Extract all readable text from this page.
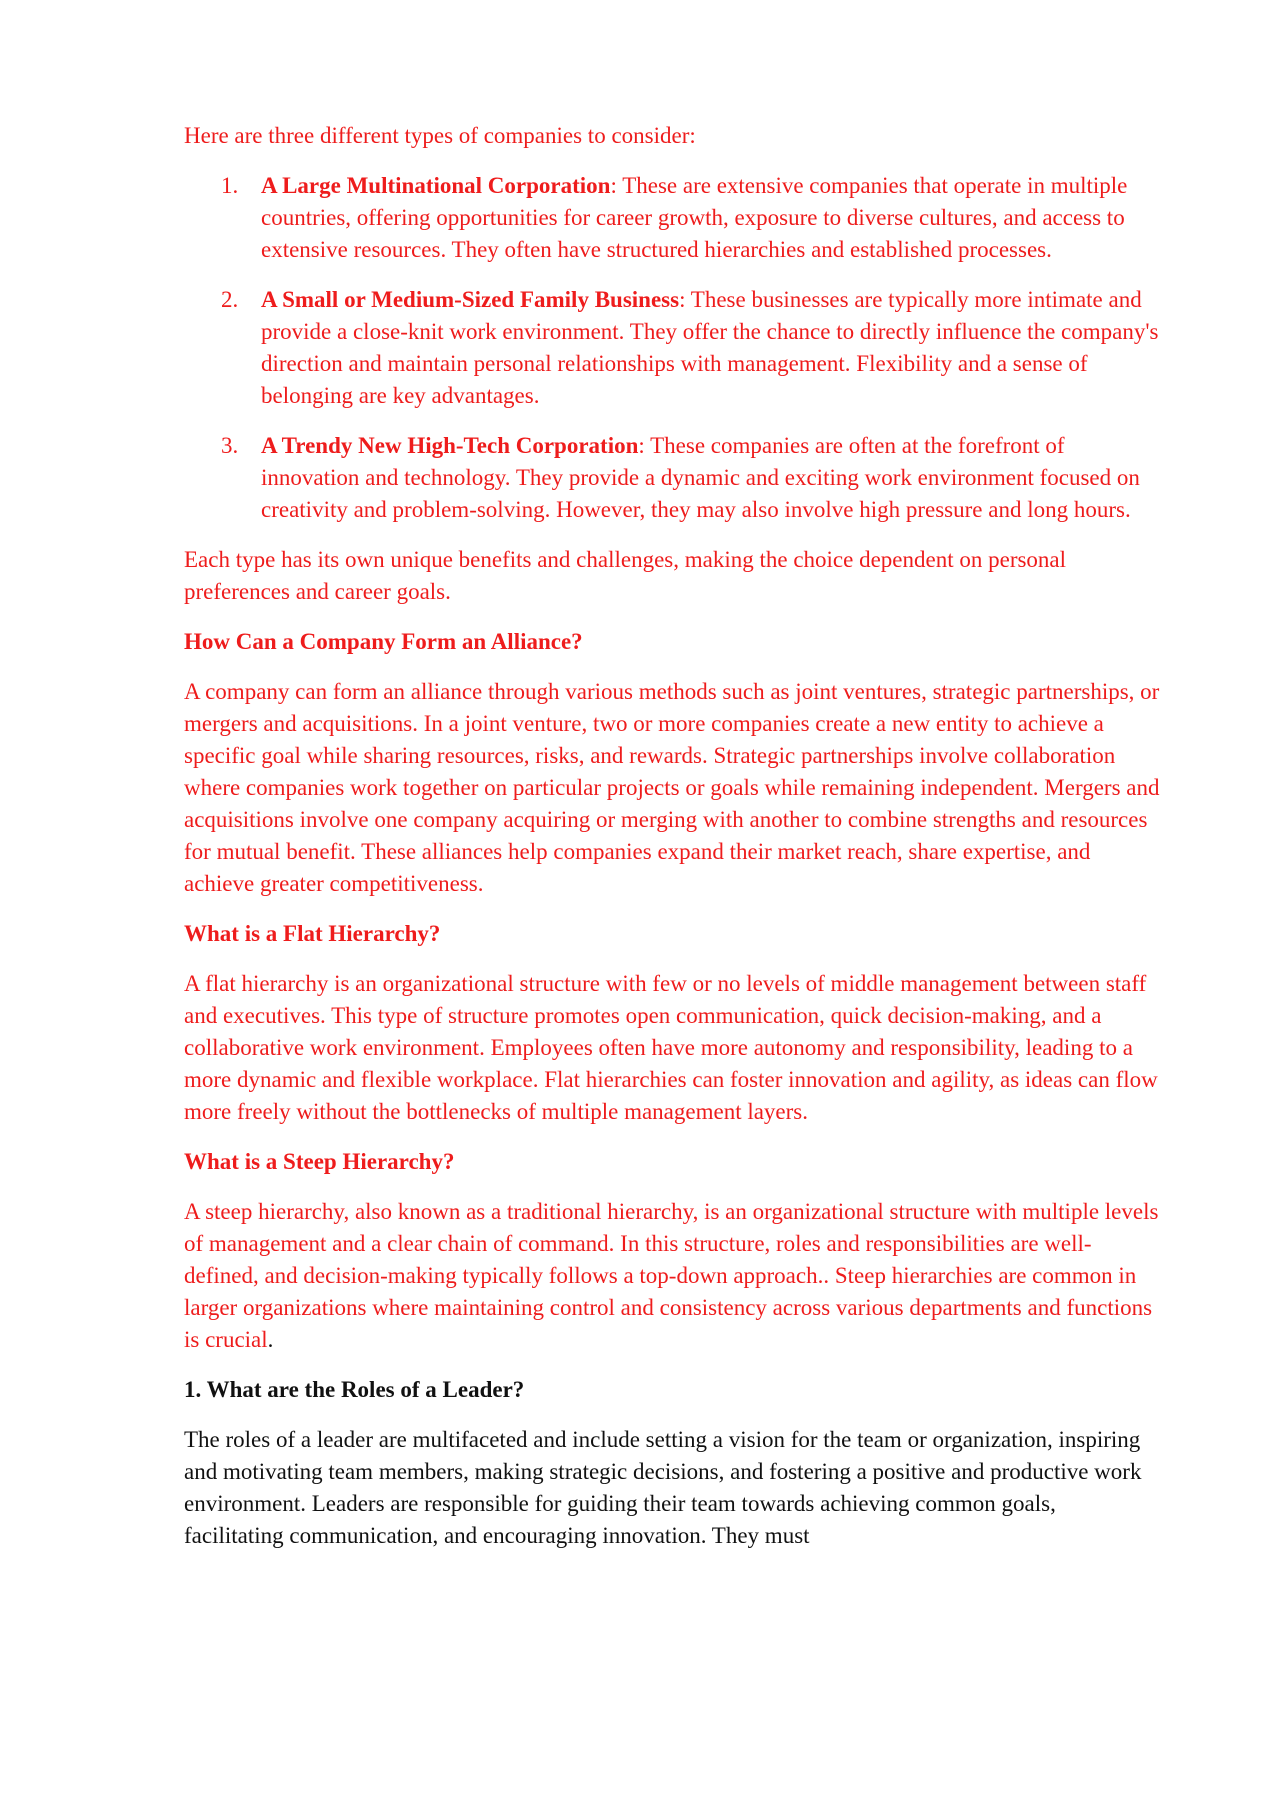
Here are three different types of companies to consider:

1. A Large Multinational Corporation: These are extensive companies that operate in multiple countries, offering opportunities for career growth, exposure to diverse cultures, and access to extensive resources. They often have structured hierarchies and established processes.
2. A Small or Medium-Sized Family Business: These businesses are typically more intimate and provide a close-knit work environment. They offer the chance to directly influence the company's direction and maintain personal relationships with management. Flexibility and a sense of belonging are key advantages.
3. A Trendy New High-Tech Corporation: These companies are often at the forefront of innovation and technology. They provide a dynamic and exciting work environment focused on creativity and problem-solving. However, they may also involve high pressure and long hours.

Each type has its own unique benefits and challenges, making the choice dependent on personal preferences and career goals.

How Can a Company Form an Alliance?

A company can form an alliance through various methods such as joint ventures, strategic partnerships, or mergers and acquisitions. In a joint venture, two or more companies create a new entity to achieve a specific goal while sharing resources, risks, and rewards. Strategic partnerships involve collaboration where companies work together on particular projects or goals while remaining independent. Mergers and acquisitions involve one company acquiring or merging with another to combine strengths and resources for mutual benefit. These alliances help companies expand their market reach, share expertise, and achieve greater competitiveness.

What is a Flat Hierarchy?

A flat hierarchy is an organizational structure with few or no levels of middle management between staff and executives. This type of structure promotes open communication, quick decision-making, and a collaborative work environment. Employees often have more autonomy and responsibility, leading to a more dynamic and flexible workplace. Flat hierarchies can foster innovation and agility, as ideas can flow more freely without the bottlenecks of multiple management layers.

What is a Steep Hierarchy?

A steep hierarchy, also known as a traditional hierarchy, is an organizational structure with multiple levels of management and a clear chain of command. In this structure, roles and responsibilities are well-defined, and decision-making typically follows a top-down approach.. Steep hierarchies are common in larger organizations where maintaining control and consistency across various departments and functions is crucial.

1. What are the Roles of a Leader?

The roles of a leader are multifaceted and include setting a vision for the team or organization, inspiring and motivating team members, making strategic decisions, and fostering a positive and productive work environment. Leaders are responsible for guiding their team towards achieving common goals, facilitating communication, and encouraging innovation. They must
